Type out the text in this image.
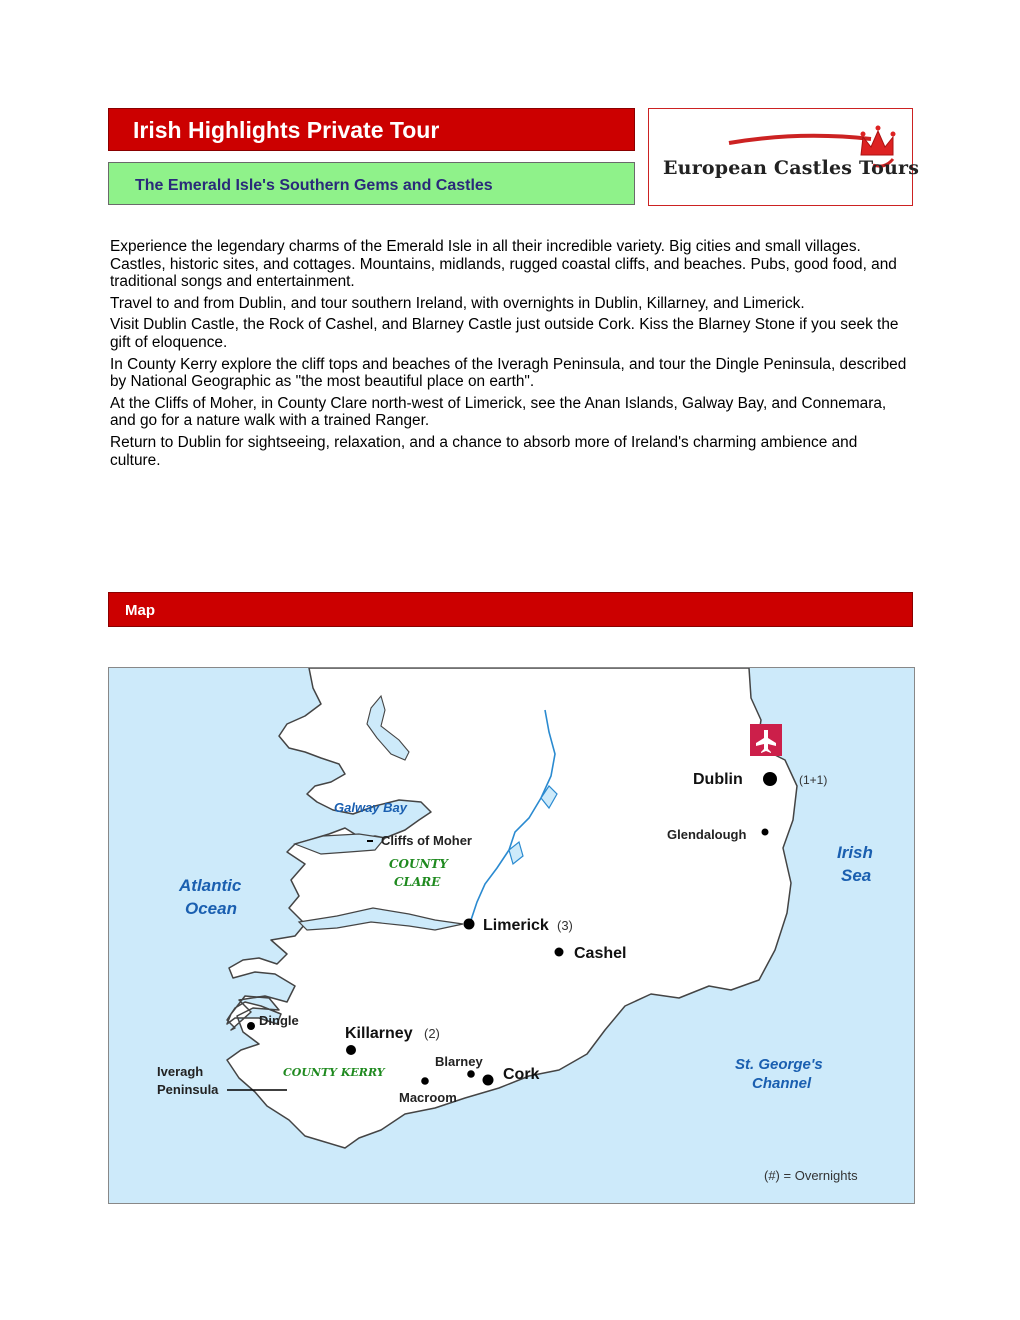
Irish Highlights Private Tour
The Emerald Isle's Southern Gems and Castles
European Castles Tours

Experience the legendary charms of the Emerald Isle in all their incredible variety. Big cities and small villages. Castles, historic sites, and cottages. Mountains, midlands, rugged coastal cliffs, and beaches. Pubs, good food, and traditional songs and entertainment.

Travel to and from Dublin, and tour southern Ireland, with overnights in Dublin, Killarney, and Limerick.

Visit Dublin Castle, the Rock of Cashel, and Blarney Castle just outside Cork. Kiss the Blarney Stone if you seek the gift of eloquence.

In County Kerry explore the cliff tops and beaches of the Iveragh Peninsula, and tour the Dingle Peninsula, described by National Geographic as "the most beautiful place on earth".

At the Cliffs of Moher, in County Clare north-west of Limerick, see the Anan Islands, Galway Bay, and Connemara, and go for a nature walk with a trained Ranger.

Return to Dublin for sightseeing, relaxation, and a chance to absorb more of Ireland's charming ambience and culture.

Map
Dublin	(1+1)
Glendalough
Irish
Sea
Galway Bay
Cliffs of Moher
COUNTY
CLARE
Atlantic
Ocean
Limerick (3)
Cashel
Dingle
Killarney (2)
Blarney
Iveragh
Peninsula
COUNTY KERRY	Cork
Macroom
St. George's
Channel
(#) = Overnights
